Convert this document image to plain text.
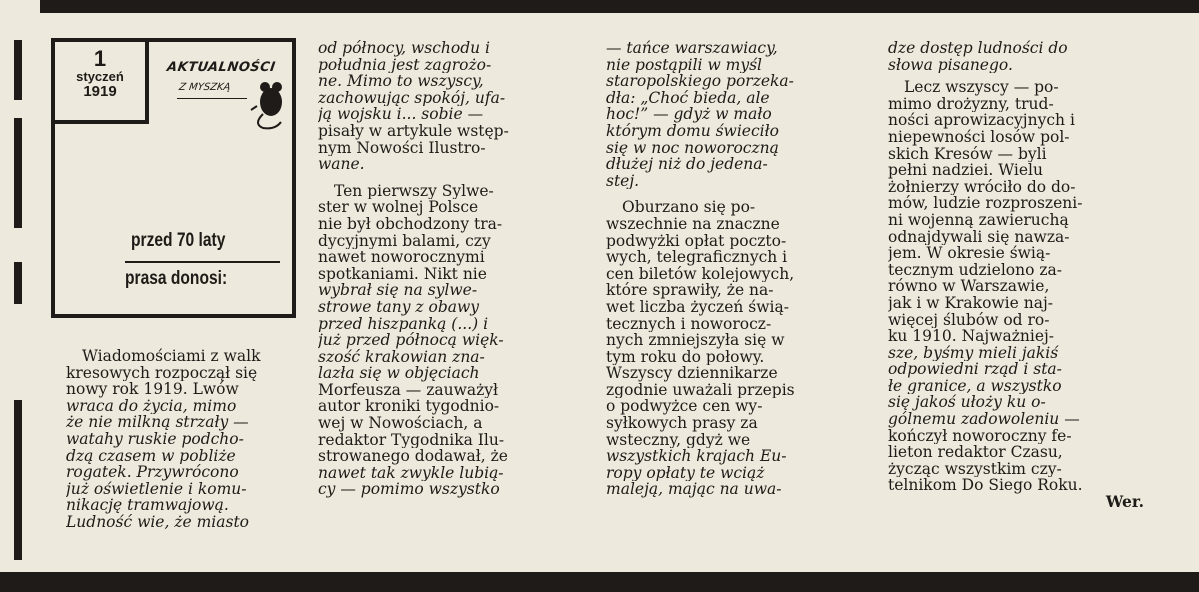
1
styczeń
1919
AKTUALNOŚCI
Z MYSZKĄ
przed 70 laty
prasa donosi:
Wiadomościami z walk
kresowych rozpoczął się
nowy rok 1919. Lwów
wraca do życia, mimo
że nie milkną strzały —
watahy ruskie podcho-
dzą czasem w pobliże
rogatek. Przywrócono
już oświetlenie i komu-
nikację tramwajową.
Ludność wie, że miasto
od północy, wschodu i
południa jest zagrożo-
ne. Mimo to wszyscy,
zachowując spokój, ufa-
ją wojsku i... sobie —
pisały w artykule wstęp-
nym Nowości Ilustro-
wane.
Ten pierwszy Sylwe-
ster w wolnej Polsce
nie był obchodzony tra-
dycyjnymi balami, czy
nawet noworocznymi
spotkaniami. Nikt nie
wybrał się na sylwe-
strowe tany z obawy
przed hiszpanką (...) i
już przed północą więk-
szość krakowian zna-
lazła się w objęciach
Morfeusza — zauważył
autor kroniki tygodnio-
wej w Nowościach, a
redaktor Tygodnika Ilu-
strowanego dodawał, że
nawet tak zwykle lubią-
cy — pomimo wszystko
— tańce warszawiacy,
nie postąpili w myśl
staropolskiego porzeka-
dła: „Choć bieda, ale
hoc!” — gdyż w mało
którym domu świeciło
się w noc noworoczną
dłużej niż do jedena-
stej.
Oburzano się po-
wszechnie na znaczne
podwyżki opłat poczto-
wych, telegraficznych i
cen biletów kolejowych,
które sprawiły, że na-
wet liczba życzeń świą-
tecznych i noworocz-
nych zmniejszyła się w
tym roku do połowy.
Wszyscy dziennikarze
zgodnie uważali przepis
o podwyżce cen wy-
syłkowych prasy za
wsteczny, gdyż we
wszystkich krajach Eu-
ropy opłaty te wciąż
maleją, mając na uwa-
dze dostęp ludności do
słowa pisanego.
Lecz wszyscy — po-
mimo drożyzny, trud-
ności aprowizacyjnych i
niepewności losów pol-
skich Kresów — byli
pełni nadziei. Wielu
żołnierzy wróciło do do-
mów, ludzie rozproszeni-
ni wojenną zawieruchą
odnajdywali się nawza-
jem. W okresie świą-
tecznym udzielono za-
równo w Warszawie,
jak i w Krakowie naj-
więcej ślubów od ro-
ku 1910. Najważniej-
sze, byśmy mieli jakiś
odpowiedni rząd i sta-
łe granice, a wszystko
się jakoś ułoży ku o-
gólnemu zadowoleniu —
kończył noworoczny fe-
lieton redaktor Czasu,
życząc wszystkim czy-
telnikom Do Siego Roku.
Wer.
